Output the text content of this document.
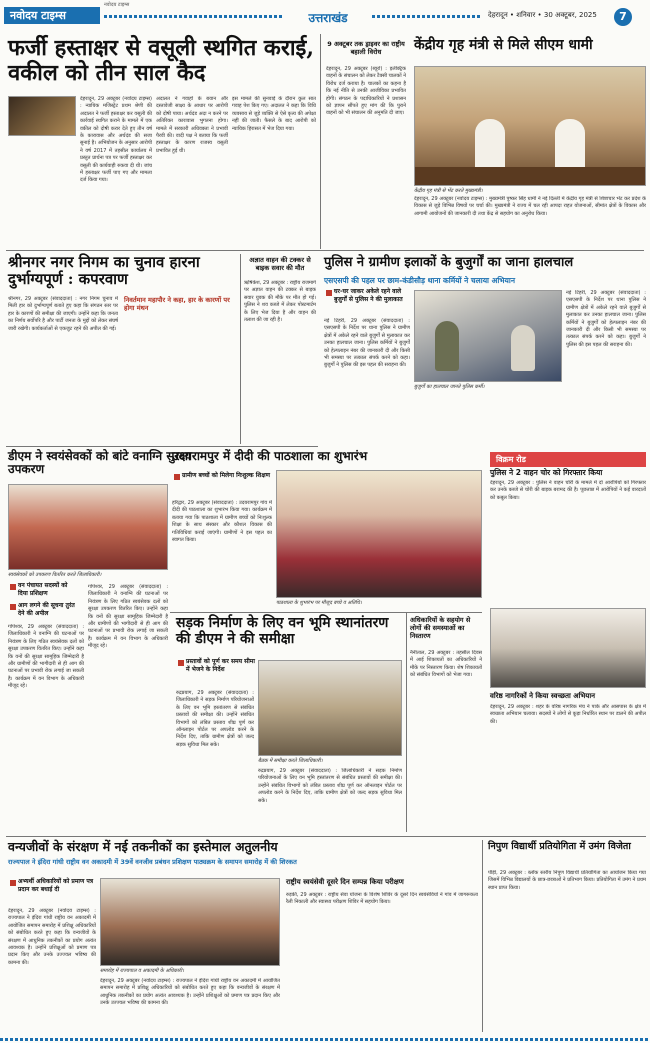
नवोदय टाइम्स
नवोदय टाइम्स
उत्तराखंड	देहरादून • शनिवार • 30 अक्टूबर, 2025	7
फर्जी हस्ताक्षर से वसूली स्थगित कराई, वकील को तीन साल कैद
देहरादून, 29 अक्टूबर (नवोदय टाइम्स) : न्यायिक मजिस्ट्रेट प्रथम श्रेणी की अदालत ने फर्जी हस्ताक्षर कर वसूली की कार्रवाई स्थगित कराने के मामले में एक वकील को दोषी करार देते हुए तीन वर्ष के कारावास और अर्थदंड की सजा सुनाई है। अभियोजन के अनुसार आरोपी ने वर्ष 2017 में तहसील कार्यालय में प्रस्तुत प्रार्थना पत्र पर फर्जी हस्ताक्षर कर वसूली की कार्यवाही रुकवा दी थी। जांच में हस्ताक्षर फर्जी पाए गए और मामला दर्ज किया गया।
अदालत ने गवाहों के बयान और दस्तावेजी साक्ष्य के आधार पर आरोपी को दोषी पाया। अर्थदंड अदा न करने पर अतिरिक्त कारावास भुगतना होगा। मामले में सरकारी अधिवक्ता ने प्रभावी पैरवी की। वादी पक्ष ने बताया कि फर्जी हस्ताक्षर के कारण राजस्व वसूली प्रभावित हुई थी।
इस मामले की सुनवाई के दौरान कुल सात गवाह पेश किए गए। अदालत ने कहा कि विधि व्यवसाय से जुड़े व्यक्ति से ऐसे कृत्य की अपेक्षा नहीं की जाती। फैसले के बाद आरोपी को न्यायिक हिरासत में भेज दिया गया।
9 अक्टूबर तक ड्राइवर का राष्ट्रीय बहाली विरोध
देहरादून, 29 अक्टूबर (ब्यूरो) : इलेक्ट्रिक वाहनों के संचालन को लेकर टैक्सी चालकों ने विरोध दर्ज कराया है। चालकों का कहना है कि नई नीति से उनकी आजीविका प्रभावित होगी। संगठन के पदाधिकारियों ने प्रशासन को ज्ञापन सौंपते हुए मांग की कि पुराने वाहनों को भी संचालन की अनुमति दी जाए।
केंद्रीय गृह मंत्री से मिले सीएम धामी
केंद्रीय गृह मंत्री से भेंट करते मुख्यमंत्री।
देहरादून, 29 अक्टूबर (नवोदय टाइम्स) : मुख्यमंत्री पुष्कर सिंह धामी ने नई दिल्ली में केंद्रीय गृह मंत्री से शिष्टाचार भेंट कर प्रदेश के विकास से जुड़े विभिन्न विषयों पर चर्चा की। मुख्यमंत्री ने राज्य में चल रही आपदा राहत योजनाओं, सीमांत क्षेत्रों के विकास और आगामी आयोजनों की जानकारी दी तथा केंद्र से सहयोग का अनुरोध किया।
श्रीनगर नगर निगम का चुनाव हारना दुर्भाग्यपूर्ण : कपरवाण
निवर्तमान महापौर ने कहा, हार के कारणों पर होगा मंथन
श्रीनगर, 29 अक्टूबर (संवाददाता) : नगर निगम चुनाव में मिली हार को दुर्भाग्यपूर्ण बताते हुए कहा कि संगठन स्तर पर हार के कारणों की समीक्षा की जाएगी। उन्होंने कहा कि जनता का निर्णय सर्वोपरि है और पार्टी जनता के मुद्दों को लेकर संघर्ष जारी रखेगी। कार्यकर्ताओं से एकजुट रहने की अपील की गई।
अज्ञात वाहन की टक्कर से बाइक सवार की मौत
ऋषिकेश, 29 अक्टूबर : राष्ट्रीय राजमार्ग पर अज्ञात वाहन की टक्कर से बाइक सवार युवक की मौके पर मौत हो गई। पुलिस ने शव कब्जे में लेकर पोस्टमार्टम के लिए भेज दिया है और वाहन की तलाश की जा रही है।
पुलिस ने ग्रामीण इलाकों के बुजुर्गों का जाना हालचाल
एसएसपी की पहल पर छाम-कंडीसौड़ थाना कर्मियों ने चलाया अभियान
घर-घर जाकर अकेले रहने वाले बुजुर्गों से पुलिस ने की मुलाकात
नई टिहरी, 29 अक्टूबर (संवाददाता) : एसएसपी के निर्देश पर थाना पुलिस ने ग्रामीण क्षेत्रों में अकेले रहने वाले बुजुर्गों से मुलाकात कर उनका हालचाल जाना। पुलिस कर्मियों ने बुजुर्गों को हेल्पलाइन नंबर की जानकारी दी और किसी भी समस्या पर तत्काल संपर्क करने को कहा। बुजुर्गों ने पुलिस की इस पहल की सराहना की।
बुजुर्गों का हालचाल जानते पुलिस कर्मी।
नई टिहरी, 29 अक्टूबर (संवाददाता) : एसएसपी के निर्देश पर थाना पुलिस ने ग्रामीण क्षेत्रों में अकेले रहने वाले बुजुर्गों से मुलाकात कर उनका हालचाल जाना। पुलिस कर्मियों ने बुजुर्गों को हेल्पलाइन नंबर की जानकारी दी और किसी भी समस्या पर तत्काल संपर्क करने को कहा। बुजुर्गों ने पुलिस की इस पहल की सराहना की।
डीएम ने स्वयंसेवकों को बांटे वनाग्नि सुरक्षा उपकरण
स्वयंसेवकों को उपकरण वितरित करते जिलाधिकारी।
वन पंचायत सदस्यों को दिया प्रशिक्षण
आग लगने की सूचना तुरंत देने की अपील
गोपेश्वर, 29 अक्टूबर (संवाददाता) : जिलाधिकारी ने वनाग्नि की घटनाओं पर नियंत्रण के लिए गठित स्वयंसेवक दलों को सुरक्षा उपकरण वितरित किए। उन्होंने कहा कि वनों की सुरक्षा सामूहिक जिम्मेदारी है और ग्रामीणों की भागीदारी से ही आग की घटनाओं पर प्रभावी रोक लगाई जा सकती है। कार्यक्रम में वन विभाग के अधिकारी मौजूद रहे।
गोपेश्वर, 29 अक्टूबर (संवाददाता) : जिलाधिकारी ने वनाग्नि की घटनाओं पर नियंत्रण के लिए गठित स्वयंसेवक दलों को सुरक्षा उपकरण वितरित किए। उन्होंने कहा कि वनों की सुरक्षा सामूहिक जिम्मेदारी है और ग्रामीणों की भागीदारी से ही आग की घटनाओं पर प्रभावी रोक लगाई जा सकती है। कार्यक्रम में वन विभाग के अधिकारी मौजूद रहे।
उदयरामपुर में दीदी की पाठशाला का शुभारंभ
ग्रामीण बच्चों को मिलेगा निःशुल्क शिक्षण
हरिद्वार, 29 अक्टूबर (संवाददाता) : उदयरामपुर गांव में दीदी की पाठशाला का शुभारंभ किया गया। कार्यक्रम में बताया गया कि पाठशाला में ग्रामीण बच्चों को निःशुल्क शिक्षा के साथ संस्कार और कौशल विकास की गतिविधियां कराई जाएंगी। ग्रामीणों ने इस पहल का स्वागत किया।
पाठशाला के शुभारंभ पर मौजूद बच्चे व अतिथि।
विक्रम रोड
पुलिस ने 2 वाहन चोर को गिरफ्तार किया
देहरादून, 29 अक्टूबर : पुलिस ने वाहन चोरी के मामले में दो आरोपियों को गिरफ्तार कर उनके कब्जे से चोरी की बाइक बरामद की है। पूछताछ में आरोपियों ने कई वारदातों को कबूल किया।
सड़क निर्माण के लिए वन भूमि स्थानांतरण की डीएम ने की समीक्षा
प्रस्तावों को पूर्ण कर समय सीमा में भेजने के निर्देश
रुद्रप्रयाग, 29 अक्टूबर (संवाददाता) : जिलाधिकारी ने सड़क निर्माण परियोजनाओं के लिए वन भूमि हस्तांतरण से संबंधित प्रस्तावों की समीक्षा की। उन्होंने संबंधित विभागों को लंबित प्रस्ताव शीघ्र पूर्ण कर ऑनलाइन पोर्टल पर अपलोड करने के निर्देश दिए, ताकि ग्रामीण क्षेत्रों को जल्द सड़क सुविधा मिल सके।
बैठक में समीक्षा करते जिलाधिकारी।
रुद्रप्रयाग, 29 अक्टूबर (संवाददाता) : जिलाधिकारी ने सड़क निर्माण परियोजनाओं के लिए वन भूमि हस्तांतरण से संबंधित प्रस्तावों की समीक्षा की। उन्होंने संबंधित विभागों को लंबित प्रस्ताव शीघ्र पूर्ण कर ऑनलाइन पोर्टल पर अपलोड करने के निर्देश दिए, ताकि ग्रामीण क्षेत्रों को जल्द सड़क सुविधा मिल सके।
अधिकारियों के सहयोग से लोगों की समस्याओं का निस्तारण
नैनीताल, 29 अक्टूबर : तहसील दिवस में आई शिकायतों का अधिकारियों ने मौके पर निस्तारण किया। शेष शिकायतों को संबंधित विभागों को भेजा गया।
वरिष्ठ नागरिकों ने किया स्वच्छता अभियान
देहरादून, 29 अक्टूबर : शहर के वरिष्ठ नागरिक मंच ने पार्क और आसपास के क्षेत्र में स्वच्छता अभियान चलाया। सदस्यों ने लोगों से कूड़ा निर्धारित स्थान पर डालने की अपील की।
वन्यजीवों के संरक्षण में नई तकनीकों का इस्तेमाल अतुलनीय
राज्यपाल ने इंदिरा गांधी राष्ट्रीय वन अकादमी में 39वें वनजीव प्रबंधन प्रशिक्षण पाठ्यक्रम के समापन समारोह में की शिरकत
अभ्यर्थी अधिकारियों को प्रमाण पत्र प्रदान कर बधाई दी
देहरादून, 29 अक्टूबर (नवोदय टाइम्स) : राज्यपाल ने इंदिरा गांधी राष्ट्रीय वन अकादमी में आयोजित समापन समारोह में प्रशिक्षु अधिकारियों को संबोधित करते हुए कहा कि वन्यजीवों के संरक्षण में आधुनिक तकनीकों का प्रयोग अत्यंत आवश्यक है। उन्होंने प्रशिक्षुओं को प्रमाण पत्र प्रदान किए और उनके उज्ज्वल भविष्य की कामना की।
समारोह में राज्यपाल व अकादमी के अधिकारी।
देहरादून, 29 अक्टूबर (नवोदय टाइम्स) : राज्यपाल ने इंदिरा गांधी राष्ट्रीय वन अकादमी में आयोजित समापन समारोह में प्रशिक्षु अधिकारियों को संबोधित करते हुए कहा कि वन्यजीवों के संरक्षण में आधुनिक तकनीकों का प्रयोग अत्यंत आवश्यक है। उन्होंने प्रशिक्षुओं को प्रमाण पत्र प्रदान किए और उनके उज्ज्वल भविष्य की कामना की।
राष्ट्रीय स्वयंसेवी दूसरे दिन सम्पन्न किया परीक्षण
रुड़की, 29 अक्टूबर : राष्ट्रीय सेवा योजना के विशेष शिविर के दूसरे दिन स्वयंसेवियों ने गांव में जागरूकता रैली निकाली और स्वास्थ्य परीक्षण शिविर में सहयोग किया।
निपुण विद्यार्थी प्रतियोगिता में उमंग विजेता
पौड़ी, 29 अक्टूबर : ब्लॉक स्तरीय निपुण विद्यार्थी प्रतियोगिता का आयोजन किया गया जिसमें विभिन्न विद्यालयों के छात्र-छात्राओं ने प्रतिभाग किया। प्रतियोगिता में उमंग ने प्रथम स्थान प्राप्त किया।
